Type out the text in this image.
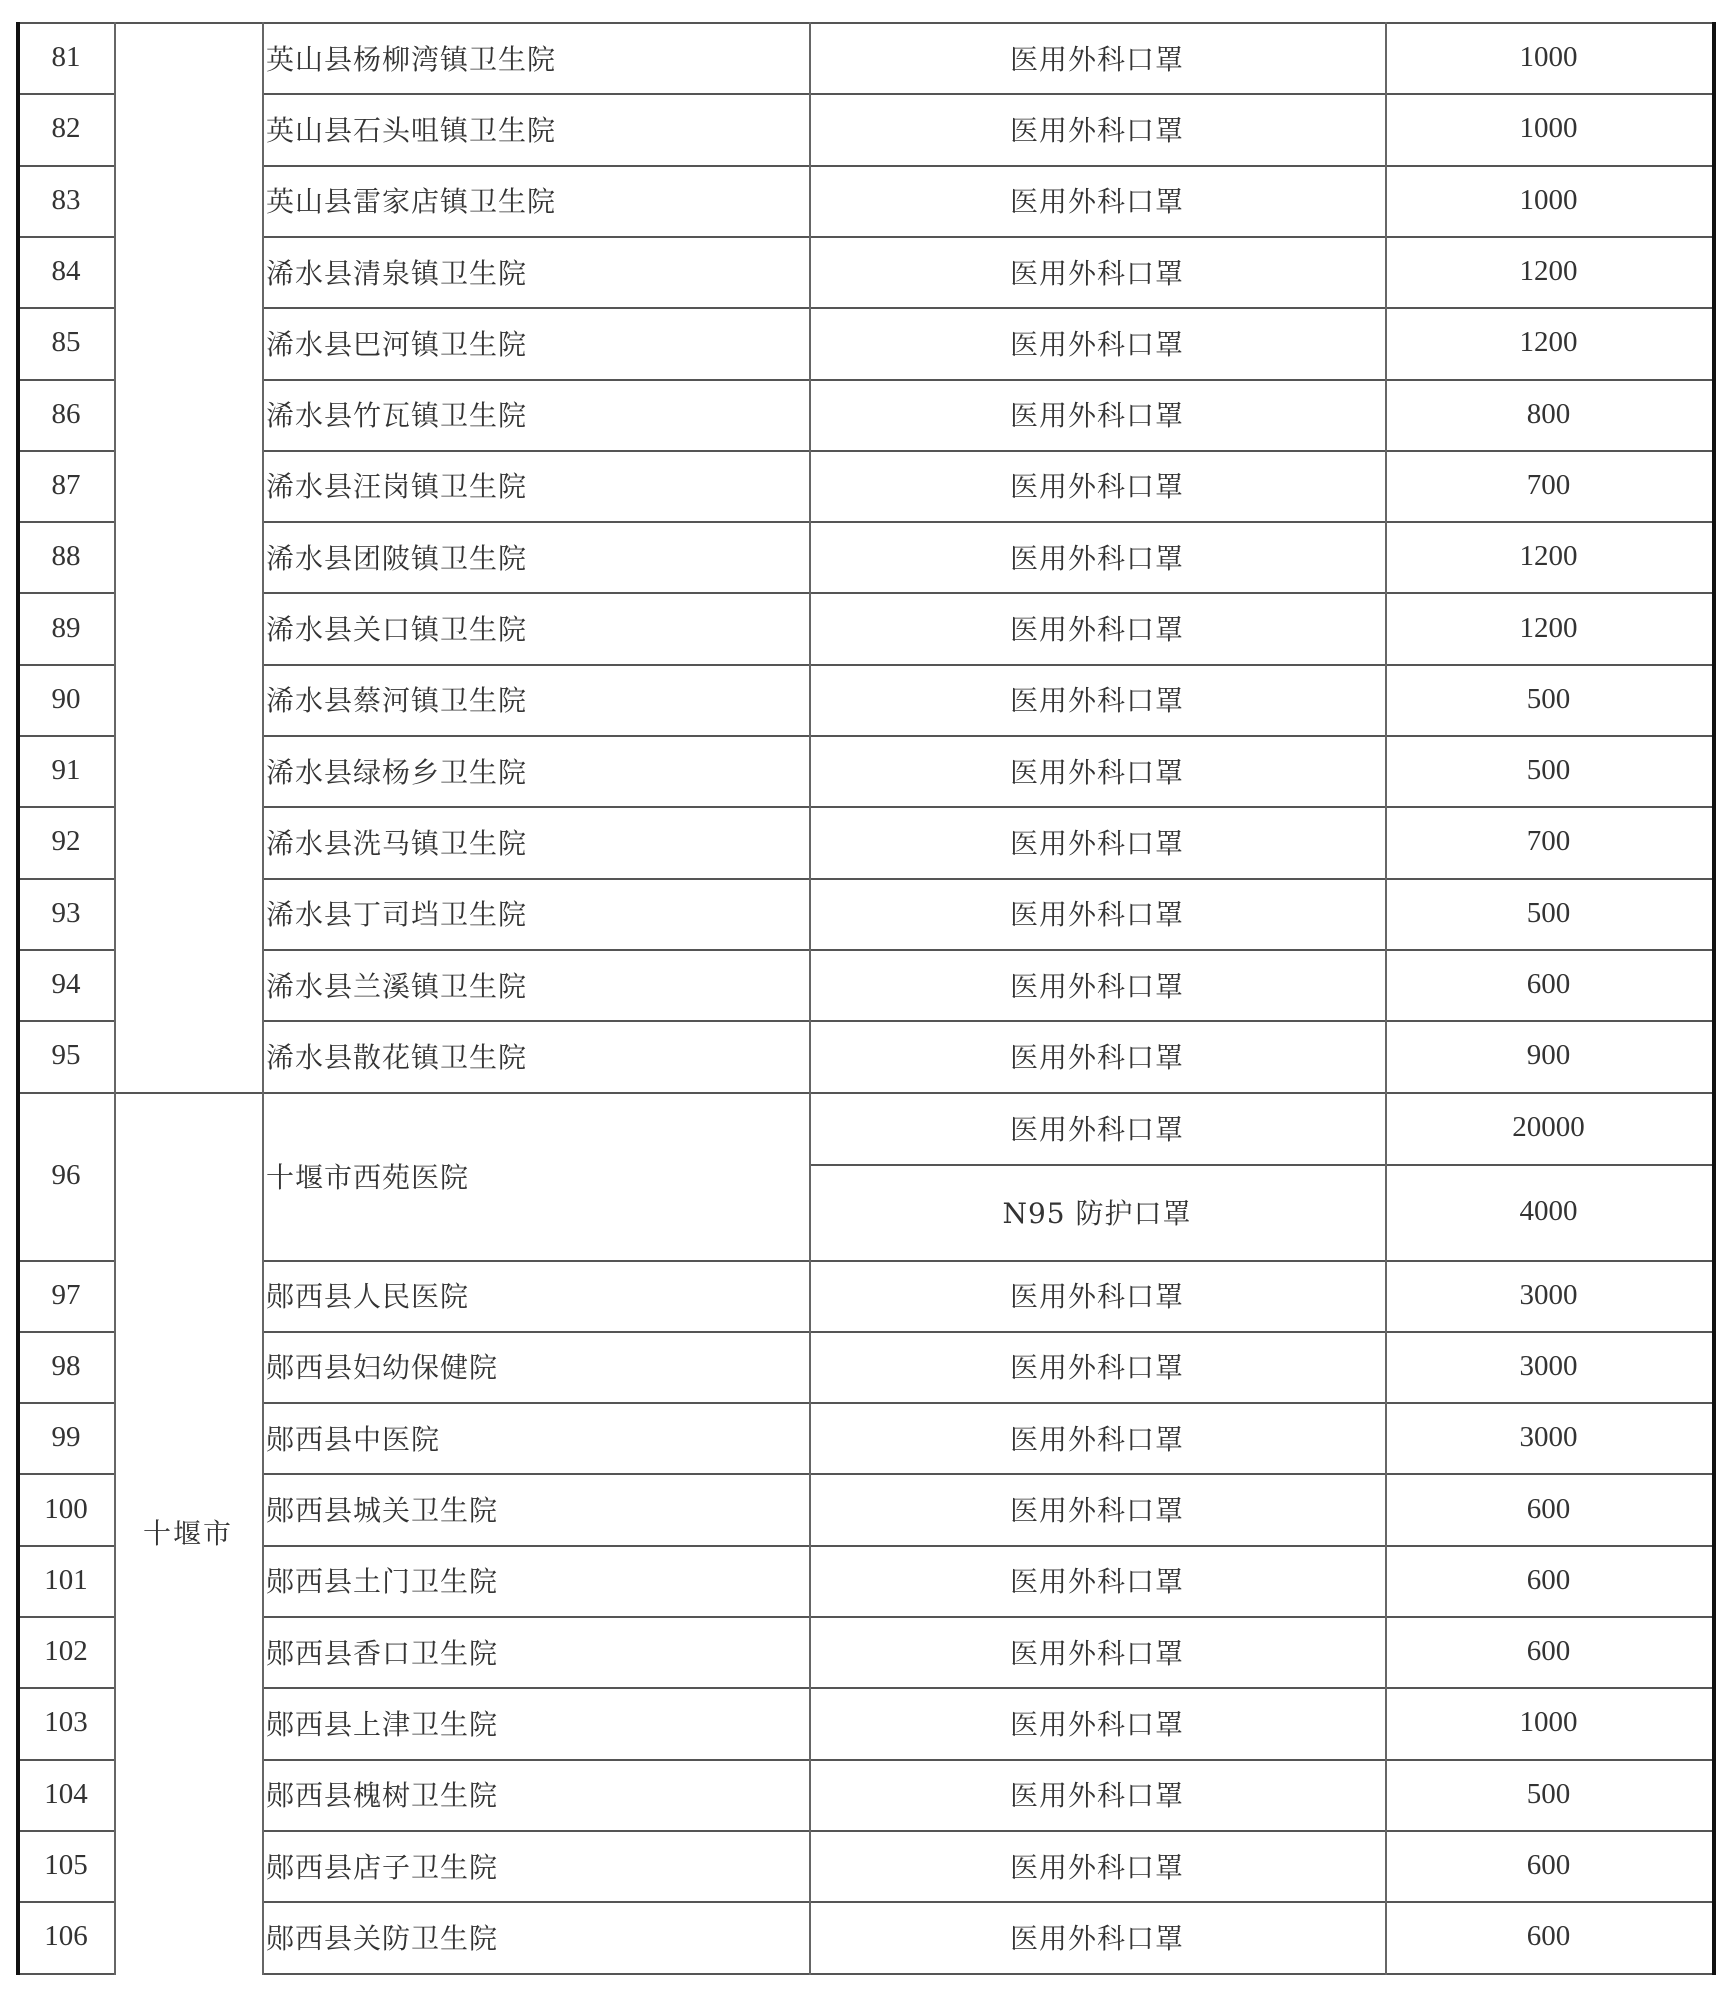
十堰市
81	英山县杨柳湾镇卫生院	医用外科口罩	1000
82	英山县石头咀镇卫生院	医用外科口罩	1000
83	英山县雷家店镇卫生院	医用外科口罩	1000
84	浠水县清泉镇卫生院	医用外科口罩	1200
85	浠水县巴河镇卫生院	医用外科口罩	1200
86	浠水县竹瓦镇卫生院	医用外科口罩	800
87	浠水县汪岗镇卫生院	医用外科口罩	700
88	浠水县团陂镇卫生院	医用外科口罩	1200
89	浠水县关口镇卫生院	医用外科口罩	1200
90	浠水县蔡河镇卫生院	医用外科口罩	500
91	浠水县绿杨乡卫生院	医用外科口罩	500
92	浠水县洗马镇卫生院	医用外科口罩	700
93	浠水县丁司垱卫生院	医用外科口罩	500
94	浠水县兰溪镇卫生院	医用外科口罩	600
95	浠水县散花镇卫生院	医用外科口罩	900
96	十堰市西苑医院
医用外科口罩	20000
N95 防护口罩	4000
97	郧西县人民医院	医用外科口罩	3000
98	郧西县妇幼保健院	医用外科口罩	3000
99	郧西县中医院	医用外科口罩	3000
100	郧西县城关卫生院	医用外科口罩	600
101	郧西县土门卫生院	医用外科口罩	600
102	郧西县香口卫生院	医用外科口罩	600
103	郧西县上津卫生院	医用外科口罩	1000
104	郧西县槐树卫生院	医用外科口罩	500
105	郧西县店子卫生院	医用外科口罩	600
106	郧西县关防卫生院	医用外科口罩	600
